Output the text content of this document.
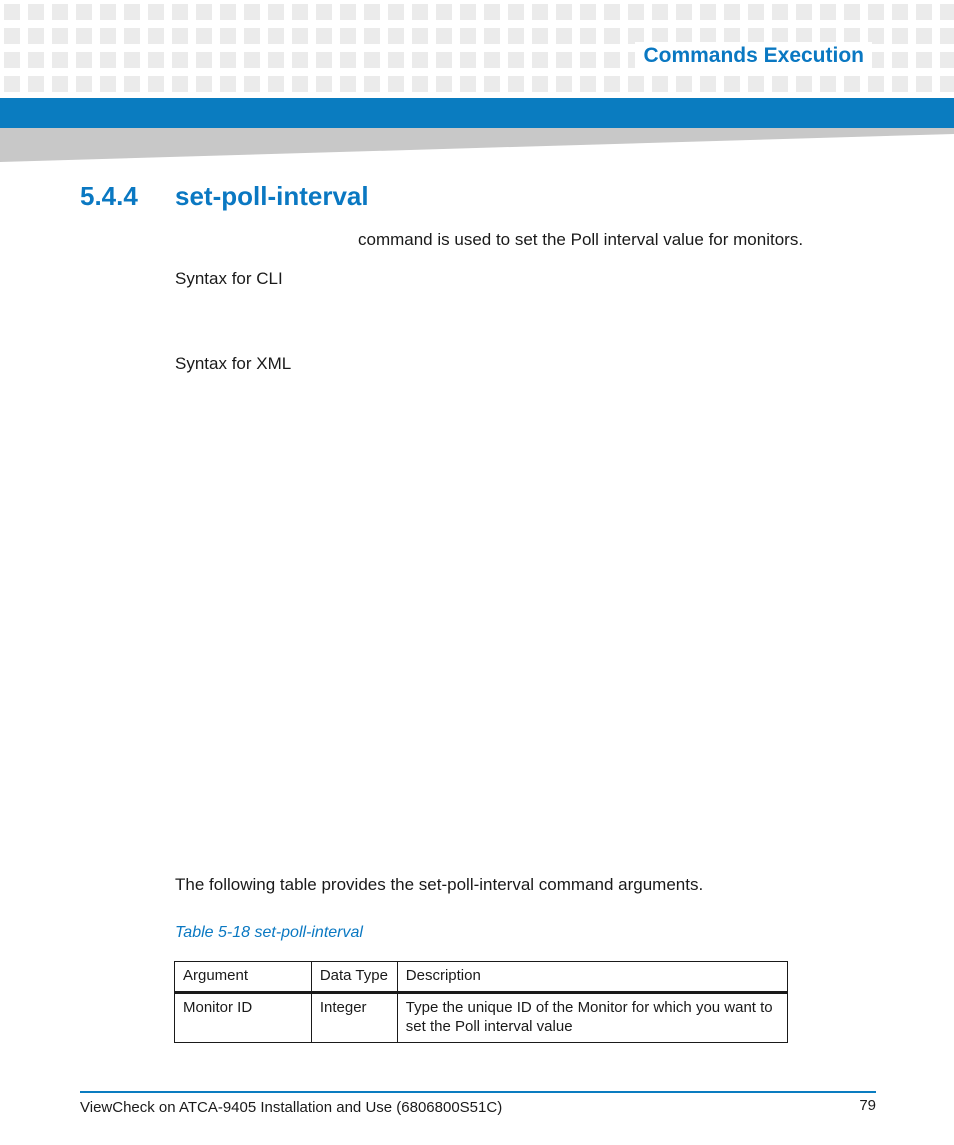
Commands Execution
5.4.4	set-poll-interval
command is used to set the Poll interval value for monitors.
Syntax for CLI
Syntax for XML
The following table provides the set-poll-interval command arguments.
Table 5-18 set-poll-interval
Argument	Data Type	Description
Monitor ID	Integer	Type the unique ID of the Monitor for which you want to set the Poll interval value
ViewCheck on ATCA-9405 Installation and Use (6806800S51C)	79
